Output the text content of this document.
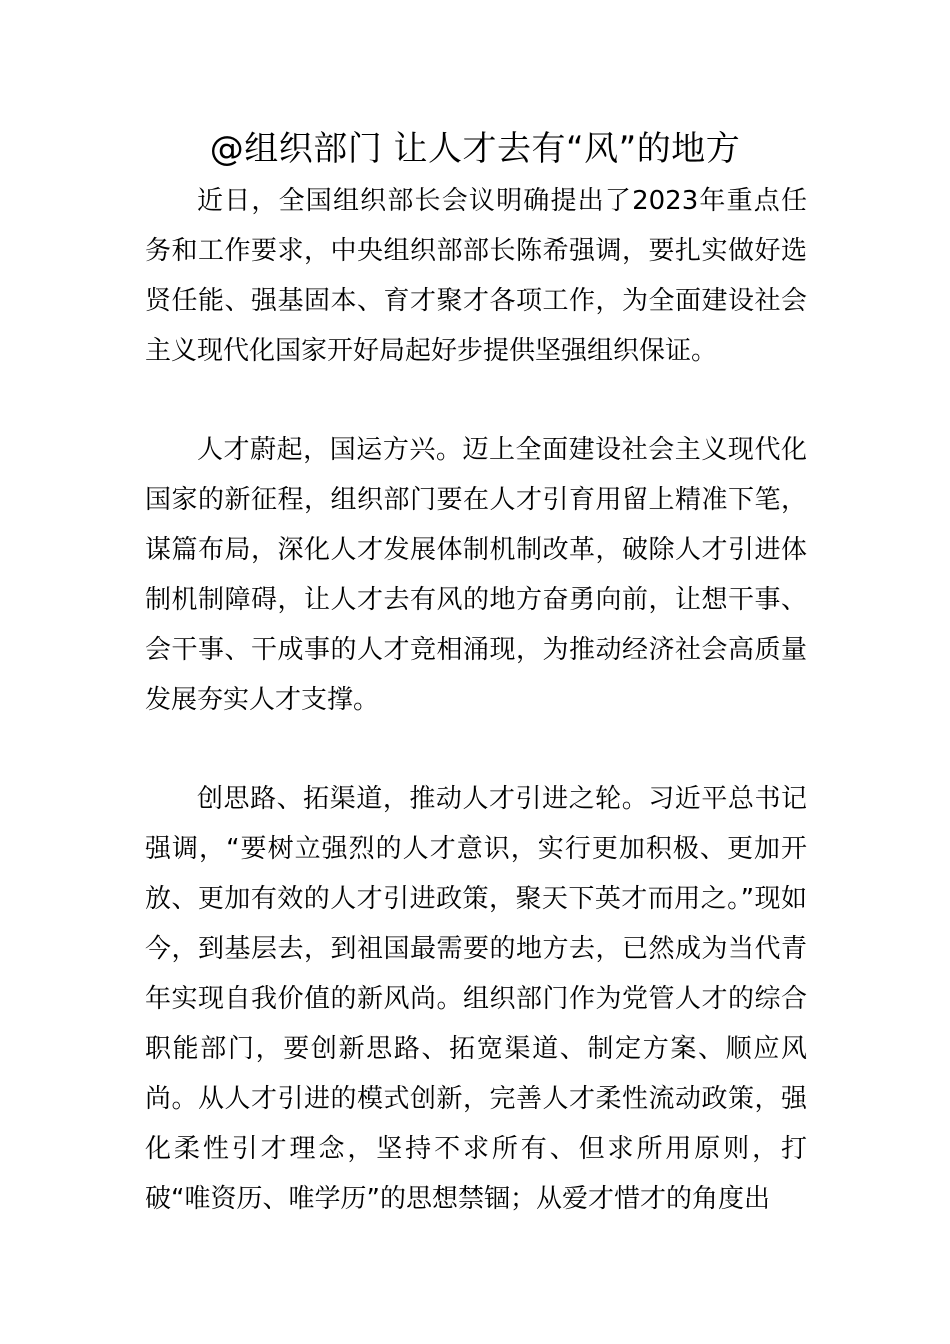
@组织部门 让人才去有“风”的地方

近日，全国组织部长会议明确提出了2023年重点任务和工作要求，中央组织部部长陈希强调，要扎实做好选贤任能、强基固本、育才聚才各项工作，为全面建设社会主义现代化国家开好局起好步提供坚强组织保证。

人才蔚起，国运方兴。迈上全面建设社会主义现代化国家的新征程，组织部门要在人才引育用留上精准下笔，谋篇布局，深化人才发展体制机制改革，破除人才引进体制机制障碍，让人才去有风的地方奋勇向前，让想干事、会干事、干成事的人才竞相涌现，为推动经济社会高质量发展夯实人才支撑。

创思路、拓渠道，推动人才引进之轮。习近平总书记强调，“要树立强烈的人才意识，实行更加积极、更加开放、更加有效的人才引进政策，聚天下英才而用之。”现如今，到基层去，到祖国最需要的地方去，已然成为当代青年实现自我价值的新风尚。组织部门作为党管人才的综合职能部门，要创新思路、拓宽渠道、制定方案、顺应风尚。从人才引进的模式创新，完善人才柔性流动政策，强化柔性引才理念，坚持不求所有、但求所用原则，打破“唯资历、唯学历”的思想禁锢；从爱才惜才的角度出
